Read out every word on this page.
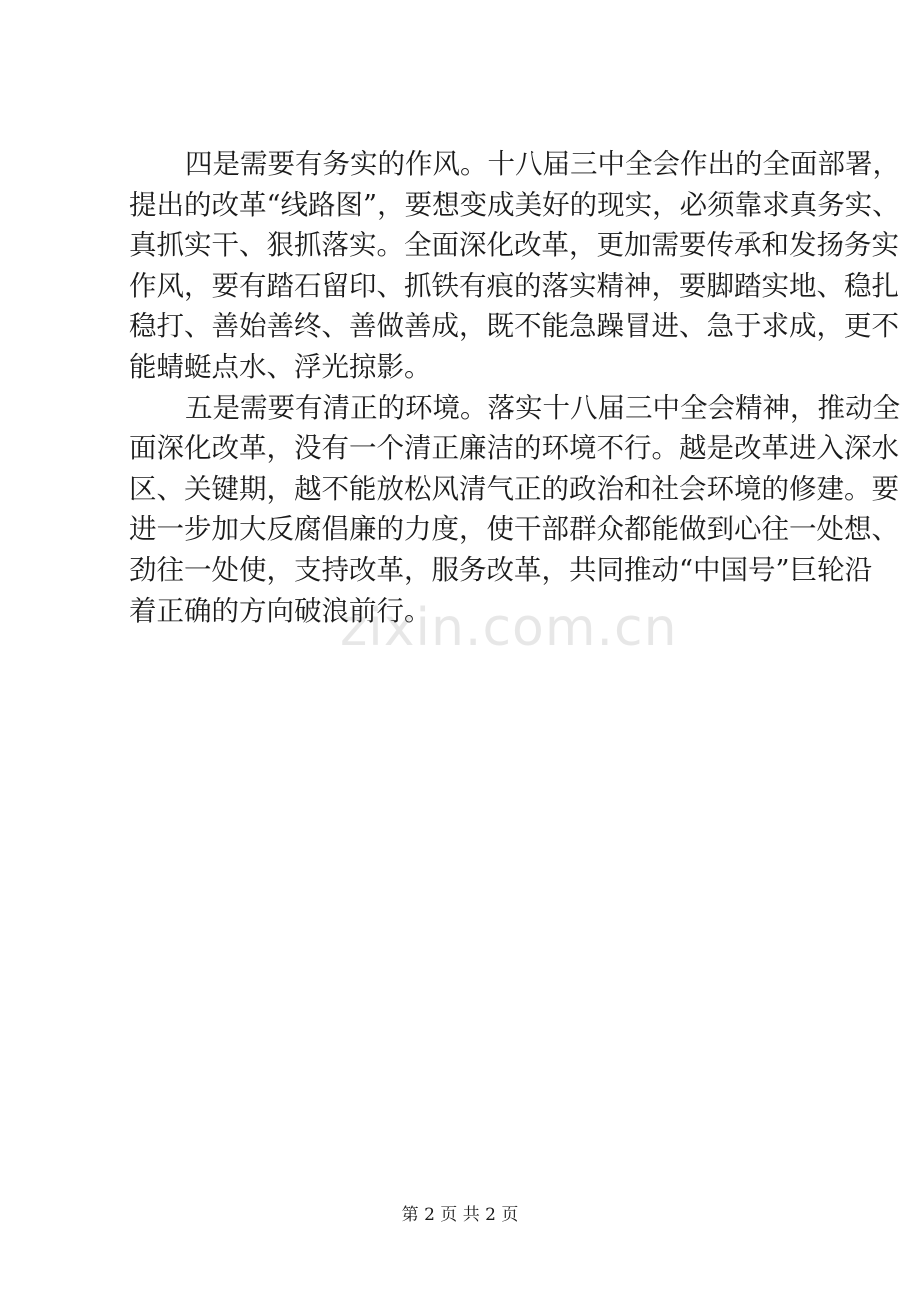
四是需要有务实的作风。十八届三中全会作出的全面部署，
提出的改革“线路图”，要想变成美好的现实，必须靠求真务实、
真抓实干、狠抓落实。全面深化改革，更加需要传承和发扬务实
作风，要有踏石留印、抓铁有痕的落实精神，要脚踏实地、稳扎
稳打、善始善终、善做善成，既不能急躁冒进、急于求成，更不
能蜻蜓点水、浮光掠影。
五是需要有清正的环境。落实十八届三中全会精神，推动全
面深化改革，没有一个清正廉洁的环境不行。越是改革进入深水
区、关键期，越不能放松风清气正的政治和社会环境的修建。要
进一步加大反腐倡廉的力度，使干部群众都能做到心往一处想、
劲往一处使，支持改革，服务改革，共同推动“中国号”巨轮沿
着正确的方向破浪前行。
zixin.com.cn
第 2 页 共 2 页
